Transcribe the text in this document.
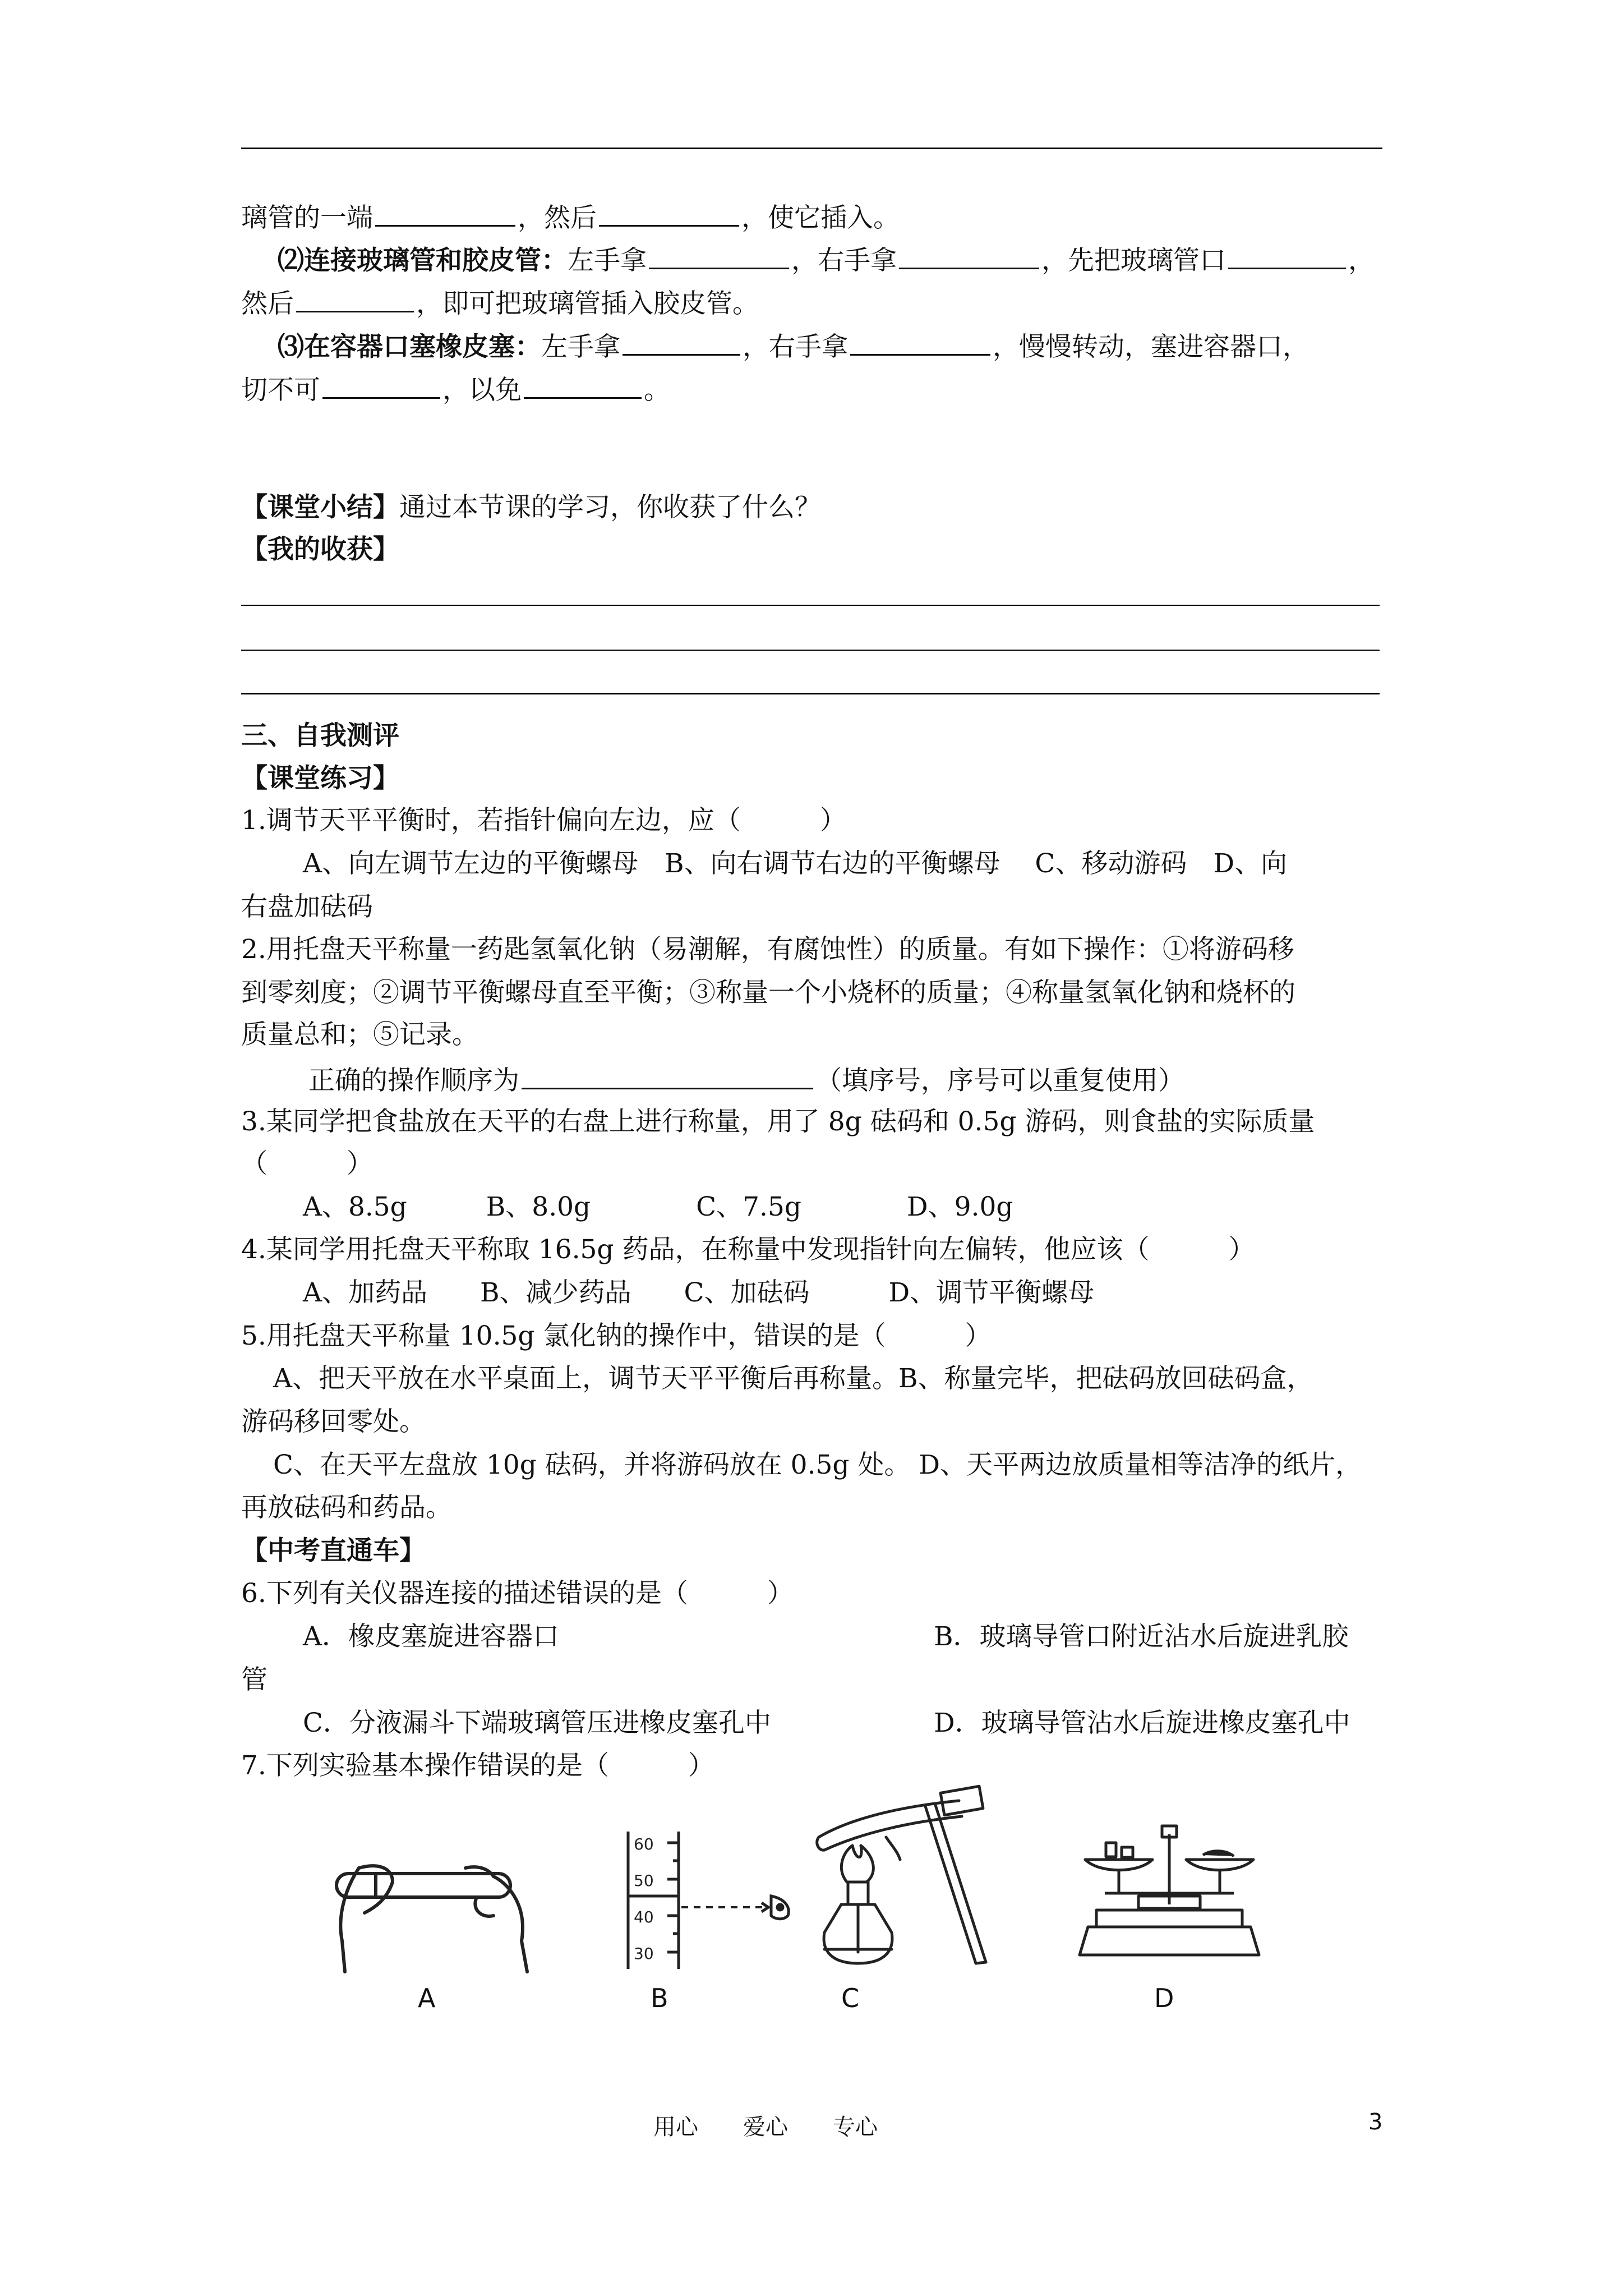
璃管的一端	，然后	，使它插入。
⑵连接玻璃管和胶皮管：左手拿	，右手拿	，先把玻璃管口	，
然后	，即可把玻璃管插入胶皮管。
⑶在容器口塞橡皮塞：左手拿	，右手拿	，慢慢转动，塞进容器口，
切不可	，以免	。
【课堂小结】通过本节课的学习，你收获了什么？
【我的收获】
三、自我测评
【课堂练习】
1.调节天平平衡时，若指针偏向左边，应（　　　）
A、向左调节左边的平衡螺母　B、向右调节右边的平衡螺母　 C、移动游码　D、向
右盘加砝码
2.用托盘天平称量一药匙氢氧化钠（易潮解，有腐蚀性）的质量。有如下操作：①将游码移
到零刻度；②调节平衡螺母直至平衡；③称量一个小烧杯的质量；④称量氢氧化钠和烧杯的
质量总和；⑤记录。
正确的操作顺序为	（填序号，序号可以重复使用）
3.某同学把食盐放在天平的右盘上进行称量，用了 8g 砝码和 0.5g 游码，则食盐的实际质量
（　　　）
A、8.5g　　　B、8.0g　　　　C、7.5g　　　　D、9.0g
4.某同学用托盘天平称取 16.5g 药品，在称量中发现指针向左偏转，他应该（　　　）
A、加药品　　B、减少药品　　C、加砝码　　　D、调节平衡螺母
5.用托盘天平称量 10.5g 氯化钠的操作中，错误的是（　　　）
A、把天平放在水平桌面上，调节天平平衡后再称量。B、称量完毕，把砝码放回砝码盒，
游码移回零处。
C、在天平左盘放 10g 砝码，并将游码放在 0.5g 处。 D、天平两边放质量相等洁净的纸片，
再放砝码和药品。
【中考直通车】
6.下列有关仪器连接的描述错误的是（　　　）
A．橡皮塞旋进容器口	B．玻璃导管口附近沾水后旋进乳胶
管
C．分液漏斗下端玻璃管压进橡皮塞孔中	D．玻璃导管沾水后旋进橡皮塞孔中
7.下列实验基本操作错误的是（　　　）
A
60
50
40
30
B	C	D
用心　　爱心　　专心	3
